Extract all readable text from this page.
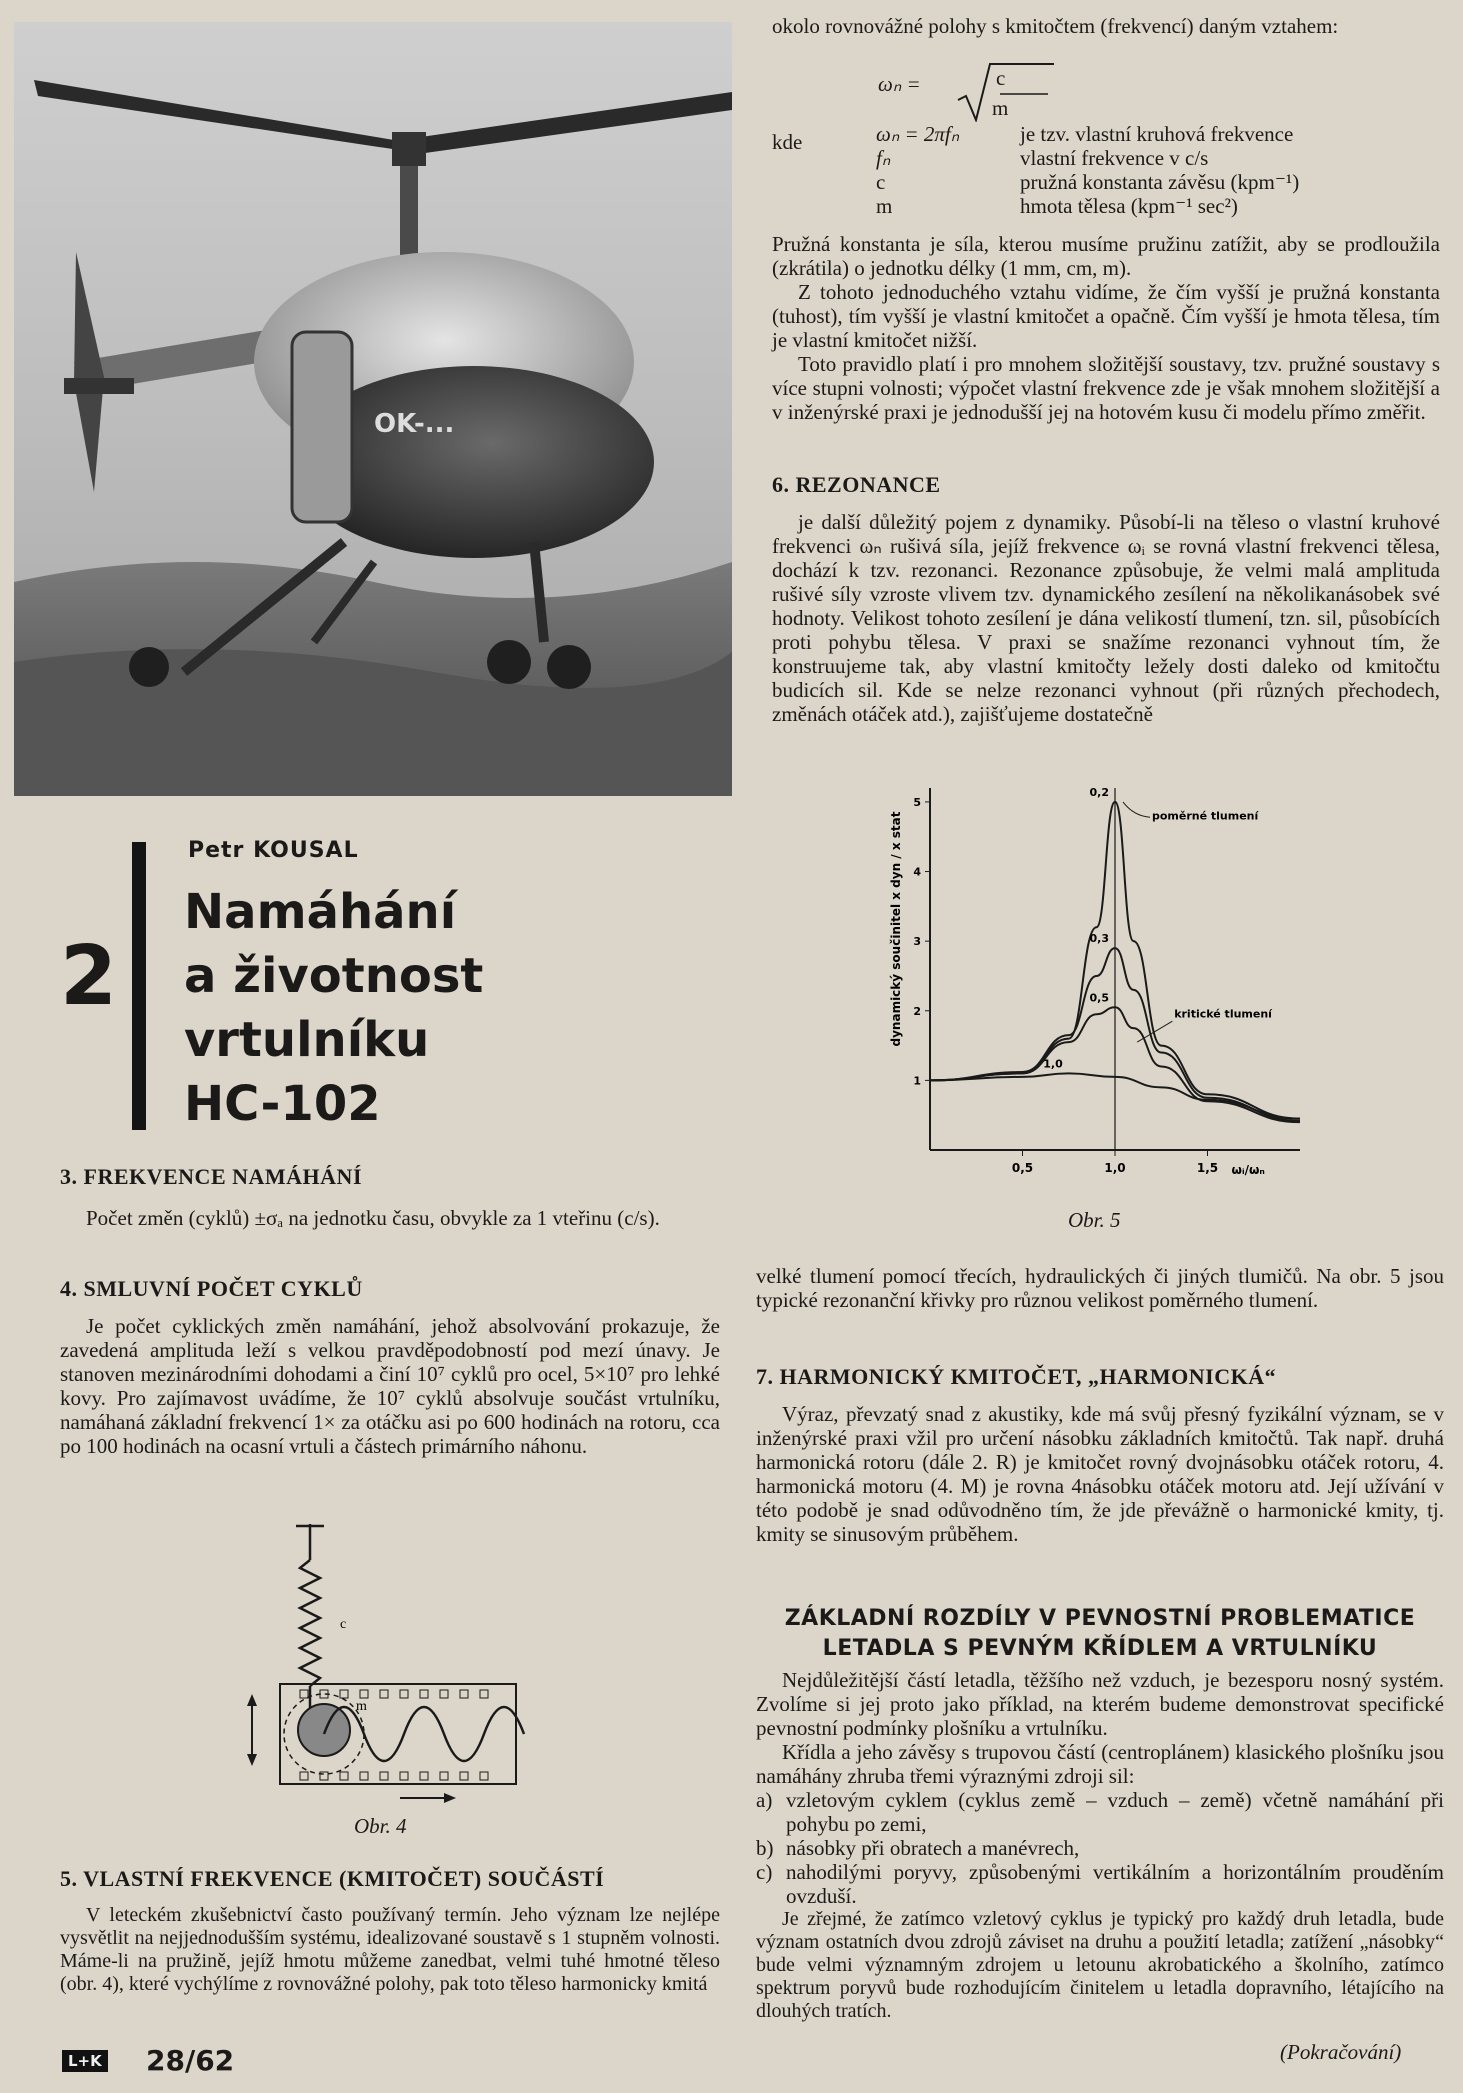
OK-...
2
Petr KOUSAL
Namáhání
a životnost
vrtulníku
HC-102
3. FREKVENCE NAMÁHÁNÍ

Počet změn (cyklů) ±σₐ na jednotku času, obvykle za 1 vteřinu (c/s).

4. SMLUVNÍ POČET CYKLŮ

Je počet cyklických změn namáhání, jehož absolvování prokazuje, že zavedená amplituda leží s velkou pravděpodobností pod mezí únavy. Je stanoven mezinárodními dohodami a činí 10⁷ cyklů pro ocel, 5×10⁷ pro lehké kovy. Pro zajímavost uvádíme, že 10⁷ cyklů absolvuje součást vrtulníku, namáhaná základní frekvencí 1× za otáčku asi po 600 hodinách na rotoru, cca po 100 hodinách na ocasní vrtuli a částech primárního náhonu.

c
m
Obr. 4
5. VLASTNÍ FREKVENCE (KMITOČET) SOUČÁSTÍ

V leteckém zkušebnictví často používaný termín. Jeho význam lze nejlépe vysvětlit na nejjednodušším systému, idealizované soustavě s 1 stupněm volnosti. Máme-li na pružině, jejíž hmotu můžeme zanedbat, velmi tuhé hmotné těleso (obr. 4), které vychýlíme z rovnovážné polohy, pak toto těleso harmonicky kmitá

L+K 28/62

okolo rovnovážné polohy s kmitočtem (frekvencí) daným vztahem:

ωₙ =	c
m
kde	ωₙ = 2πfₙ	je tzv. vlastní kruhová frekvence
fₙ	vlastní frekvence v c/s
c	pružná konstanta závěsu (kpm⁻¹)
m	hmota tělesa (kpm⁻¹ sec²)

Pružná konstanta je síla, kterou musíme pružinu zatížit, aby se prodloužila (zkrátila) o jednotku délky (1 mm, cm, m).

Z tohoto jednoduchého vztahu vidíme, že čím vyšší je pružná konstanta (tuhost), tím vyšší je vlastní kmitočet a opačně. Čím vyšší je hmota tělesa, tím je vlastní kmitočet nižší.

Toto pravidlo platí i pro mnohem složitější soustavy, tzv. pružné soustavy s více stupni volnosti; výpočet vlastní frekvence zde je však mnohem složitější a v inženýrské praxi je jednodušší jej na hotovém kusu či modelu přímo změřit.

6. REZONANCE

je další důležitý pojem z dynamiky. Působí-li na těleso o vlastní kruhové frekvenci ωₙ rušivá síla, jejíž frekvence ωᵢ se rovná vlastní frekvenci tělesa, dochází k tzv. rezonanci. Rezonance způsobuje, že velmi malá amplituda rušivé síly vzroste vlivem tzv. dynamického zesílení na několikanásobek své hodnoty. Velikost tohoto zesílení je dána velikostí tlumení, tzn. sil, působících proti pohybu tělesa. V praxi se snažíme rezonanci vyhnout tím, že konstruujeme tak, aby vlastní kmitočty ležely dosti daleko od kmitočtu budicích sil. Kde se nelze rezonanci vyhnout (při různých přechodech, změnách otáček atd.), zajišťujeme dostatečně

0,5	1,0	1,5
1
2
3
4
5
0,2
0,3
0,5
1,0
poměrné tlumení
kritické tlumení
dynamický součinitel x dyn / x stat
ωᵢ/ωₙ
Obr. 5

velké tlumení pomocí třecích, hydraulických či jiných tlumičů. Na obr. 5 jsou typické rezonanční křivky pro různou velikost poměrného tlumení.

7. HARMONICKÝ KMITOČET, „HARMONICKÁ“

Výraz, převzatý snad z akustiky, kde má svůj přesný fyzikální význam, se v inženýrské praxi vžil pro určení násobku základních kmitočtů. Tak např. druhá harmonická rotoru (dále 2. R) je kmitočet rovný dvojnásobku otáček rotoru, 4. harmonická motoru (4. M) je rovna 4násobku otáček motoru atd. Její užívání v této podobě je snad odůvodněno tím, že jde převážně o harmonické kmity, tj. kmity se sinusovým průběhem.

ZÁKLADNÍ ROZDÍLY V PEVNOSTNÍ PROBLEMATICE
LETADLA S PEVNÝM KŘÍDLEM A VRTULNÍKU

Nejdůležitější částí letadla, těžšího než vzduch, je bezesporu nosný systém. Zvolíme si jej proto jako příklad, na kterém budeme demonstrovat specifické pevnostní podmínky plošníku a vrtulníku.

Křídla a jeho závěsy s trupovou částí (centroplánem) klasického plošníku jsou namáhány zhruba třemi výraznými zdroji sil:

a) vzletovým cyklem (cyklus země – vzduch – země) včetně namáhání při pohybu po zemi,
b) násobky při obratech a manévrech,
c) nahodilými poryvy, způsobenými vertikálním a horizontálním prouděním ovzduší.

Je zřejmé, že zatímco vzletový cyklus je typický pro každý druh letadla, bude význam ostatních dvou zdrojů záviset na druhu a použití letadla; zatížení „násobky“ bude velmi významným zdrojem u letounu akrobatického a školního, zatímco spektrum poryvů bude rozhodujícím činitelem u letadla dopravního, létajícího na dlouhých tratích.

(Pokračování)
